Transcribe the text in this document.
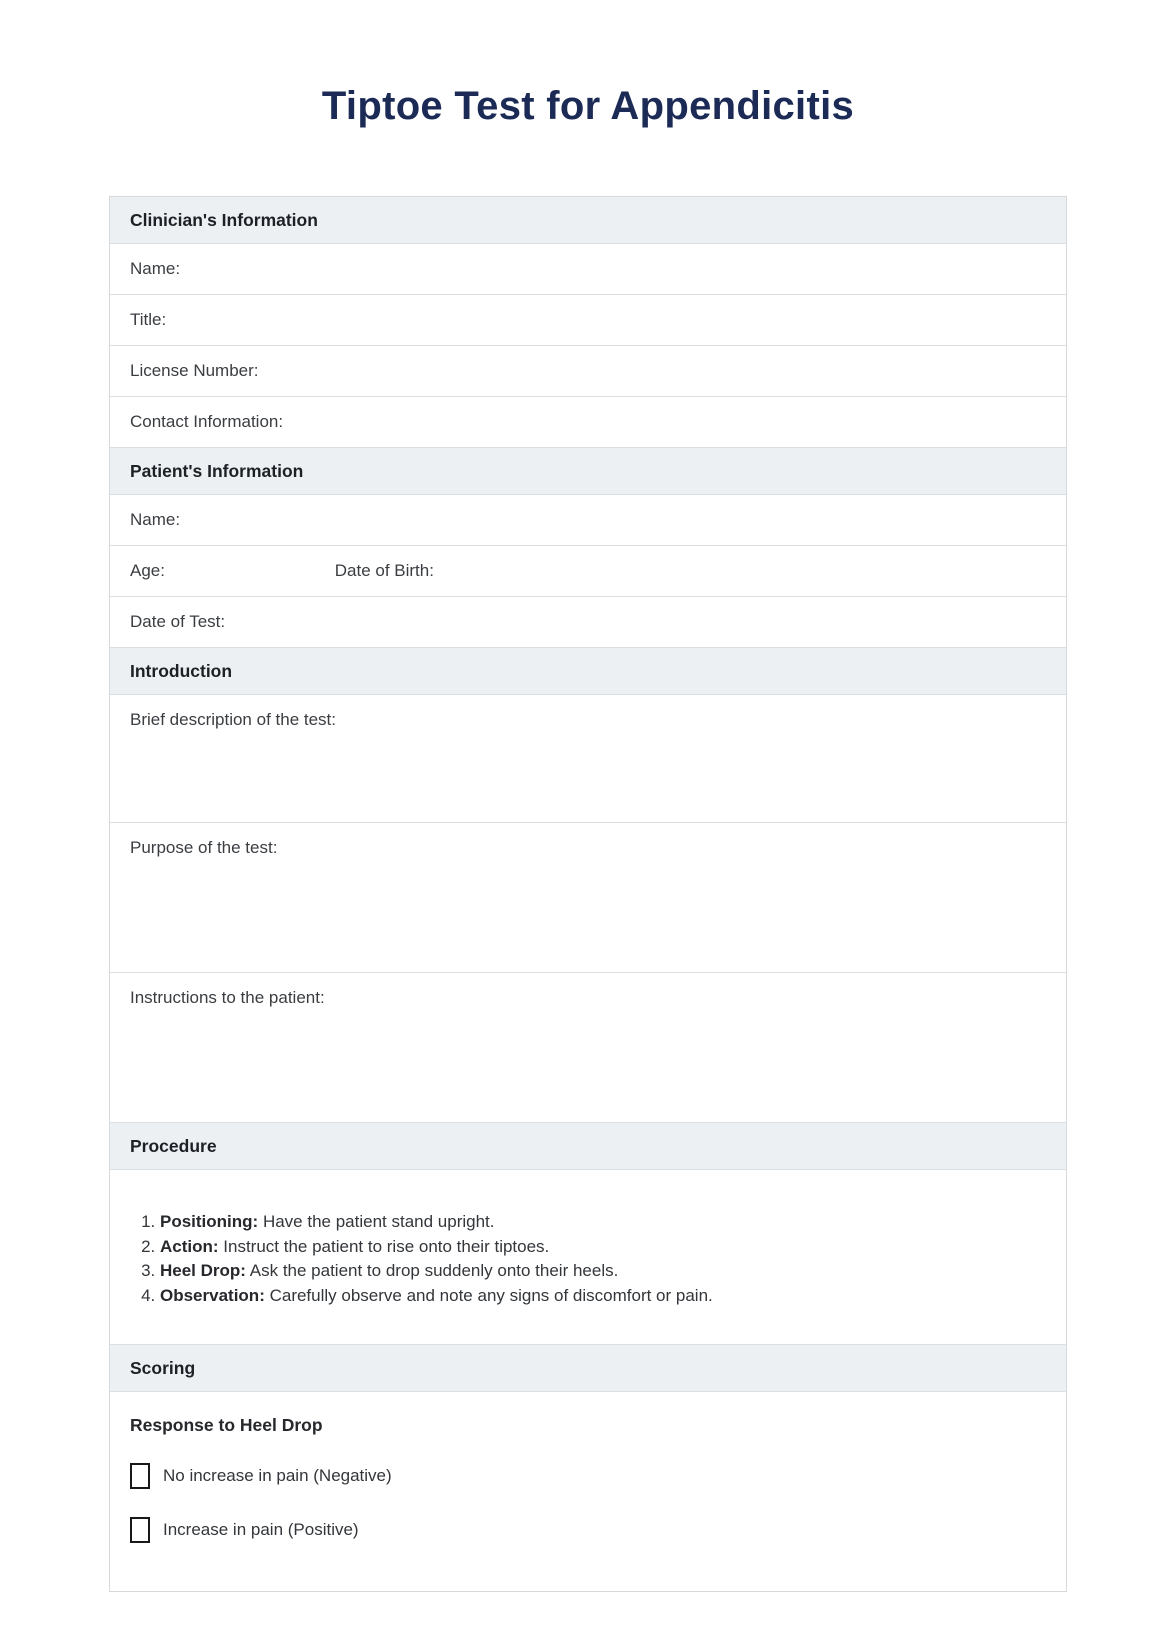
Tiptoe Test for Appendicitis
Clinician's Information
Name:
Title:
License Number:
Contact Information:
Patient's Information
Name:
Age:	Date of Birth:
Date of Test:
Introduction
Brief description of the test:
Purpose of the test:
Instructions to the patient:
Procedure
1. Positioning: Have the patient stand upright.
2. Action: Instruct the patient to rise onto their tiptoes.
3. Heel Drop: Ask the patient to drop suddenly onto their heels.
4. Observation: Carefully observe and note any signs of discomfort or pain.
Scoring
Response to Heel Drop
No increase in pain (Negative)
Increase in pain (Positive)
